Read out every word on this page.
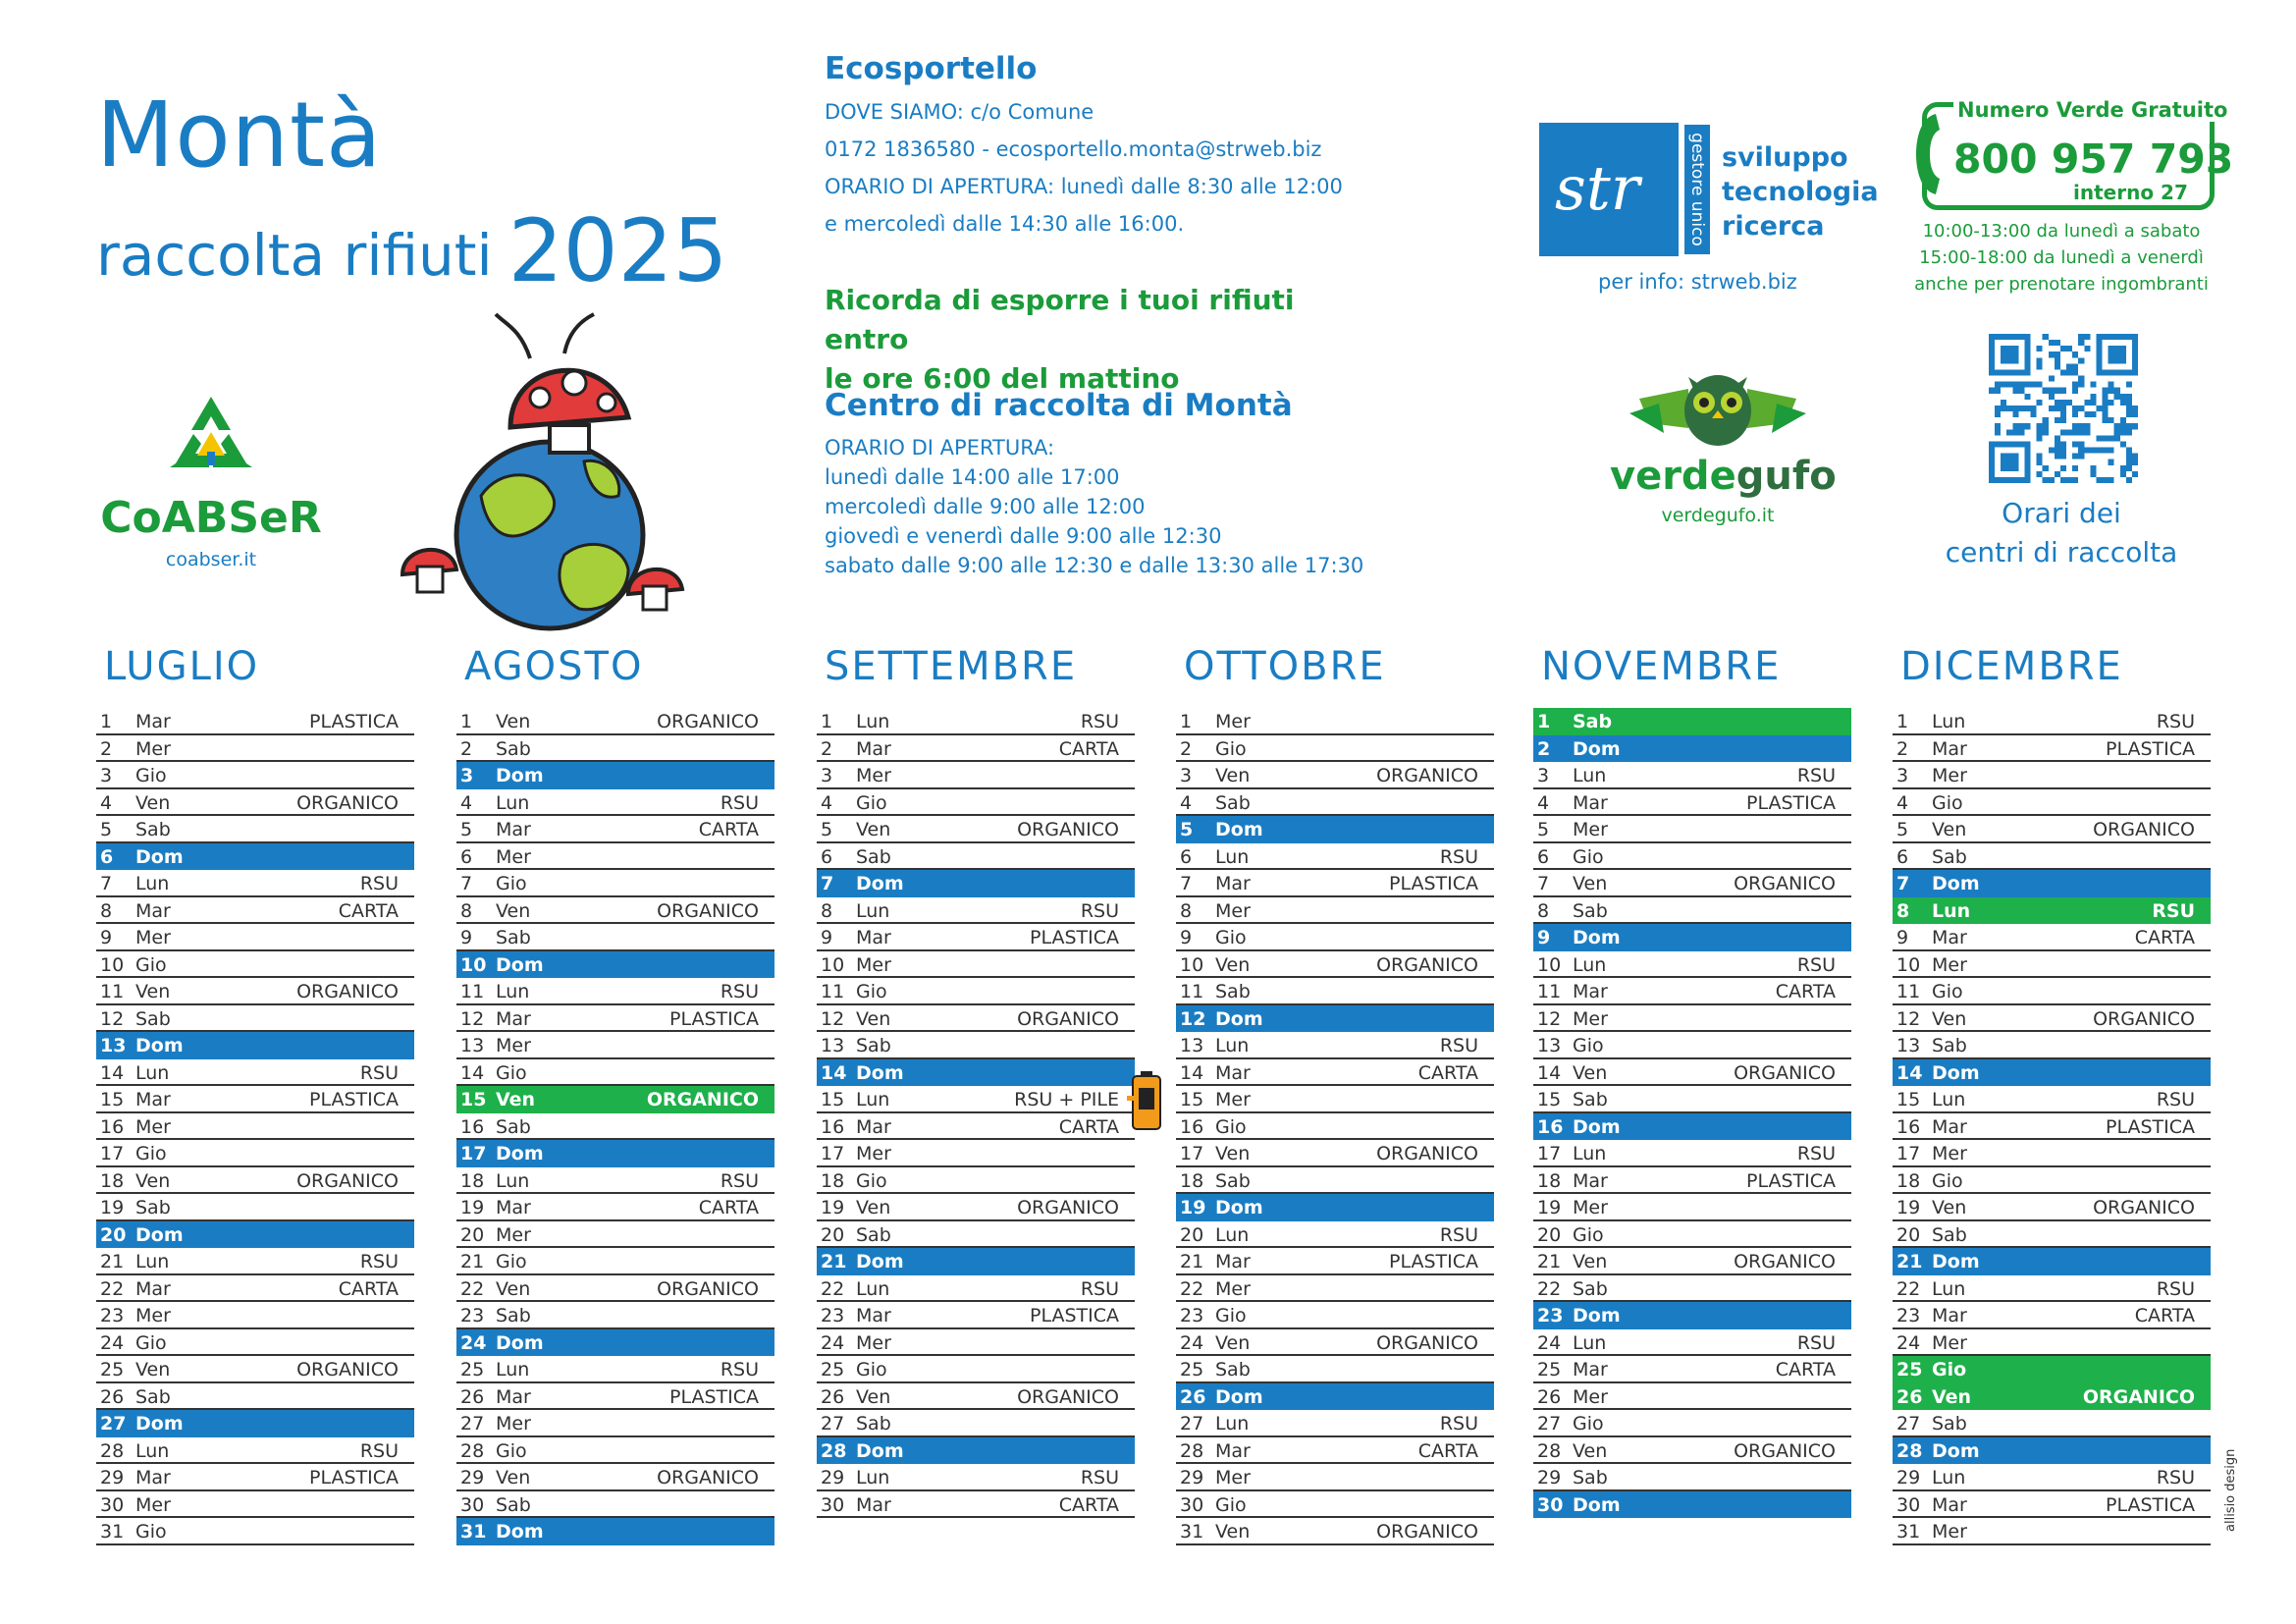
Montà
raccolta rifiuti 2025
CoABSeR
coabser.it
Ecosportello
DOVE SIAMO: c/o Comune
0172 1836580 - ecosportello.monta@strweb.biz
ORARIO DI APERTURA: lunedì dalle 8:30 alle 12:00
e mercoledì dalle 14:30 alle 16:00.
Ricorda di esporre i tuoi rifiuti entro
le ore 6:00 del mattino
Centro di raccolta di Montà
ORARIO DI APERTURA:
lunedì dalle 14:00 alle 17:00
mercoledì dalle 9:00 alle 12:00
giovedì e venerdì dalle 9:00 alle 12:30
sabato dalle 9:00 alle 12:30 e dalle 13:30 alle 17:30
str	gestore unico sviluppo
tecnologia
ricerca
per info: strweb.biz
Numero Verde Gratuito
800 957 793
interno 27
10:00-13:00 da lunedì a sabato
15:00-18:00 da lunedì a venerdì
anche per prenotare ingombranti
verdegufo
verdegufo.it	Orari dei
centri di raccolta
LUGLIO
1 Mar	PLASTICA
2 Mer
3 Gio
4 Ven	ORGANICO
5 Sab
6 Dom
7 Lun	RSU
8 Mar	CARTA
9 Mer
10 Gio
11 Ven	ORGANICO
12 Sab
13 Dom
14 Lun	RSU
15 Mar	PLASTICA
16 Mer
17 Gio
18 Ven	ORGANICO
19 Sab
20 Dom
21 Lun	RSU
22 Mar	CARTA
23 Mer
24 Gio
25 Ven	ORGANICO
26 Sab
27 Dom
28 Lun	RSU
29 Mar	PLASTICA
30 Mer
31 Gio
AGOSTO
1 Ven	ORGANICO
2 Sab
3 Dom
4 Lun	RSU
5 Mar	CARTA
6 Mer
7 Gio
8 Ven	ORGANICO
9 Sab
10 Dom
11 Lun	RSU
12 Mar	PLASTICA
13 Mer
14 Gio
15 Ven	ORGANICO
16 Sab
17 Dom
18 Lun	RSU
19 Mar	CARTA
20 Mer
21 Gio
22 Ven	ORGANICO
23 Sab
24 Dom
25 Lun	RSU
26 Mar	PLASTICA
27 Mer
28 Gio
29 Ven	ORGANICO
30 Sab
31 Dom
SETTEMBRE
1 Lun	RSU
2 Mar	CARTA
3 Mer
4 Gio
5 Ven	ORGANICO
6 Sab
7 Dom
8 Lun	RSU
9 Mar	PLASTICA
10 Mer
11 Gio
12 Ven	ORGANICO
13 Sab
14 Dom
15 Lun	RSU + PILE
16 Mar	CARTA
17 Mer
18 Gio
19 Ven	ORGANICO
20 Sab
21 Dom
22 Lun	RSU
23 Mar	PLASTICA
24 Mer
25 Gio
26 Ven	ORGANICO
27 Sab
28 Dom
29 Lun	RSU
30 Mar	CARTA
OTTOBRE
1 Mer
2 Gio
3 Ven	ORGANICO
4 Sab
5 Dom
6 Lun	RSU
7 Mar	PLASTICA
8 Mer
9 Gio
10 Ven	ORGANICO
11 Sab
12 Dom
13 Lun	RSU
14 Mar	CARTA
15 Mer
16 Gio
17 Ven	ORGANICO
18 Sab
19 Dom
20 Lun	RSU
21 Mar	PLASTICA
22 Mer
23 Gio
24 Ven	ORGANICO
25 Sab
26 Dom
27 Lun	RSU
28 Mar	CARTA
29 Mer
30 Gio
31 Ven	ORGANICO
NOVEMBRE
1 Sab
2 Dom
3 Lun	RSU
4 Mar	PLASTICA
5 Mer
6 Gio
7 Ven	ORGANICO
8 Sab
9 Dom
10 Lun	RSU
11 Mar	CARTA
12 Mer
13 Gio
14 Ven	ORGANICO
15 Sab
16 Dom
17 Lun	RSU
18 Mar	PLASTICA
19 Mer
20 Gio
21 Ven	ORGANICO
22 Sab
23 Dom
24 Lun	RSU
25 Mar	CARTA
26 Mer
27 Gio
28 Ven	ORGANICO
29 Sab
30 Dom
DICEMBRE
1 Lun	RSU
2 Mar	PLASTICA
3 Mer
4 Gio
5 Ven	ORGANICO
6 Sab
7 Dom
8 Lun	RSU
9 Mar	CARTA
10 Mer
11 Gio
12 Ven	ORGANICO
13 Sab
14 Dom
15 Lun	RSU
16 Mar	PLASTICA
17 Mer
18 Gio
19 Ven	ORGANICO
20 Sab
21 Dom
22 Lun	RSU
23 Mar	CARTA
24 Mer
25 Gio
26 Ven	ORGANICO
27 Sab
28 Dom
29 Lun	RSU
30 Mar	PLASTICA
31 Mer	allisio design
